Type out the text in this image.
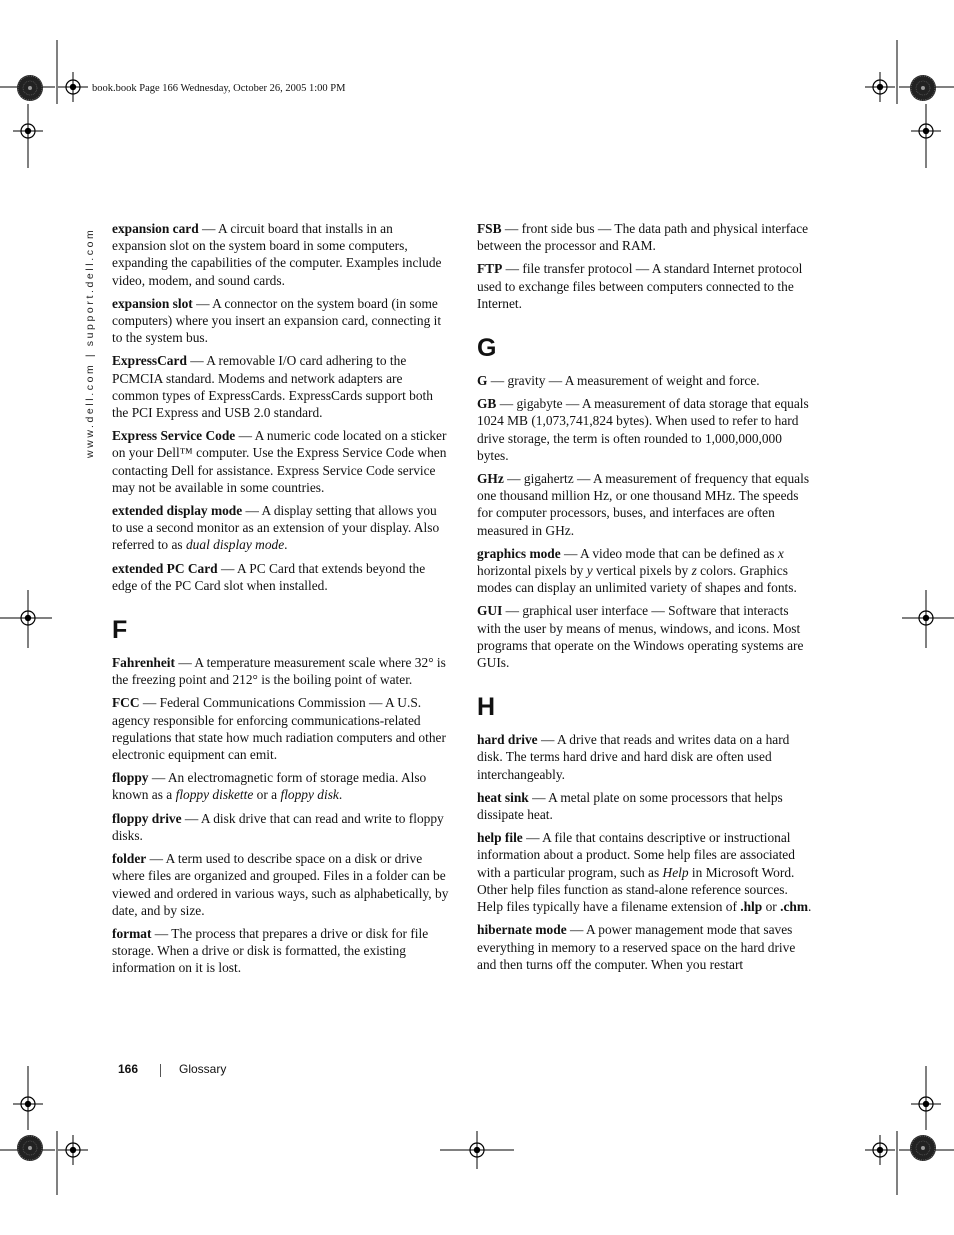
book.book Page 166 Wednesday, October 26, 2005 1:00 PM
www.dell.com | support.dell.com expansion card — A circuit board that installs in an expansion slot on the system board in some computers, expanding the capabilities of the computer. Examples include video, modem, and sound cards.

expansion slot — A connector on the system board (in some computers) where you insert an expansion card, connecting it to the system bus.

ExpressCard — A removable I/O card adhering to the PCMCIA standard. Modems and network adapters are common types of ExpressCards. ExpressCards support both the PCI Express and USB 2.0 standard.

Express Service Code — A numeric code located on a sticker on your Dell™ computer. Use the Express Service Code when contacting Dell for assistance. Express Service Code service may not be available in some countries.

extended display mode — A display setting that allows you to use a second monitor as an extension of your display. Also referred to as dual display mode.

extended PC Card — A PC Card that extends beyond the edge of the PC Card slot when installed.

F

Fahrenheit — A temperature measurement scale where 32° is the freezing point and 212° is the boiling point of water.

FCC — Federal Communications Commission — A U.S. agency responsible for enforcing communications-related regulations that state how much radiation computers and other electronic equipment can emit.

floppy — An electromagnetic form of storage media. Also known as a floppy diskette or a floppy disk.

floppy drive — A disk drive that can read and write to floppy disks.

folder — A term used to describe space on a disk or drive where files are organized and grouped. Files in a folder can be viewed and ordered in various ways, such as alphabetically, by date, and by size.

format — The process that prepares a drive or disk for file storage. When a drive or disk is formatted, the existing information on it is lost.

FSB — front side bus — The data path and physical interface between the processor and RAM.

FTP — file transfer protocol — A standard Internet protocol used to exchange files between computers connected to the Internet.

G

G — gravity — A measurement of weight and force.

GB — gigabyte — A measurement of data storage that equals 1024 MB (1,073,741,824 bytes). When used to refer to hard drive storage, the term is often rounded to 1,000,000,000 bytes.

GHz — gigahertz — A measurement of frequency that equals one thousand million Hz, or one thousand MHz. The speeds for computer processors, buses, and interfaces are often measured in GHz.

graphics mode — A video mode that can be defined as x horizontal pixels by y vertical pixels by z colors. Graphics modes can display an unlimited variety of shapes and fonts.

GUI — graphical user interface — Software that interacts with the user by means of menus, windows, and icons. Most programs that operate on the Windows operating systems are GUIs.

H

hard drive — A drive that reads and writes data on a hard disk. The terms hard drive and hard disk are often used interchangeably.

heat sink — A metal plate on some processors that helps dissipate heat.

help file — A file that contains descriptive or instructional information about a product. Some help files are associated with a particular program, such as Help in Microsoft Word. Other help files function as stand-alone reference sources. Help files typically have a filename extension of .hlp or .chm.

hibernate mode — A power management mode that saves everything in memory to a reserved space on the hard drive and then turns off the computer. When you restart

166	Glossary
